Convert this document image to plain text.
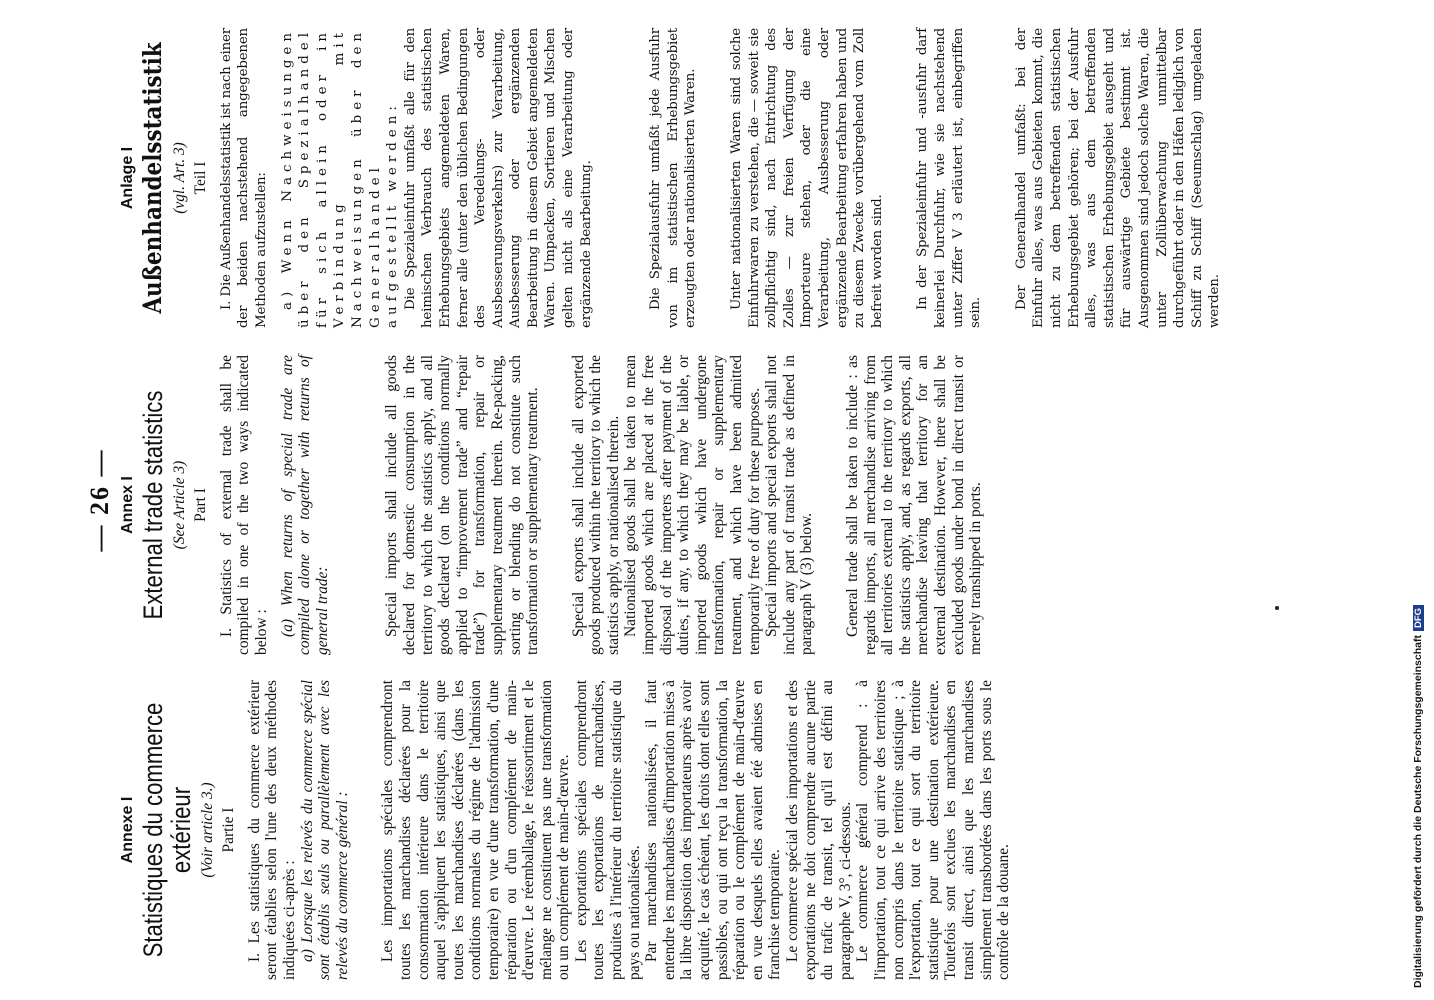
— 26 —
Annexe I Statistiques du commerce extérieur (Voir article 3.) Partie I I. Les statistiques du commerce extérieur seront établies selon l'une des deux méthodes indiquées ci-après : a) Lorsque les relevés du commerce spécial sont établis seuls ou parallèlement avec les relevés du commerce général : Les importations spéciales comprendront toutes les marchandises déclarées pour la consommation intérieure dans le territoire auquel s'appliquent les statistiques, ainsi que toutes les marchandises déclarées (dans les conditions normales du régime de l'admission temporaire) en vue d'une transformation, d'une réparation ou d'un complément de main-d'œuvre. Le réemballage, le réassortiment et le mélange ne constituent pas une transformation ou un complément de main-d'œuvre. Les exportations spéciales comprendront toutes les exportations de marchandises, produites à l'intérieur du territoire statistique du pays ou nationalisées. Par marchandises nationalisées, il faut entendre les marchandises d'importation mises à la libre disposition des importateurs après avoir acquitté, le cas échéant, les droits dont elles sont passibles, ou qui ont reçu la transformation, la réparation ou le complément de main-d'œuvre en vue desquels elles avaient été admises en franchise temporaire. Le commerce spécial des importations et des exportations ne doit comprendre aucune partie du trafic de transit, tel qu'il est défini au paragraphe V, 3°, ci-dessous. Le commerce général comprend : à l'importation, tout ce qui arrive des territoires non compris dans le territoire statistique ; à l'exportation, tout ce qui sort du territoire statistique pour une destination extérieure. Toutefois sont exclues les marchandises en transit direct, ainsi que les marchandises simplement transbordées dans les ports sous le contrôle de la douane.

Annex I External trade statistics (See Article 3) Part I I. Statistics of external trade shall be compiled in one of the two ways indicated below : (a) When returns of special trade are compiled alone or together with returns of general trade:	Special imports shall include all goods declared for domestic consumption in the territory to which the statistics apply, and all goods declared (on the conditions normally applied to “improvement trade” and “repair trade”) for transformation, repair or supplementary treatment therein. Re-packing, sorting or blending do not constitute such transformation or supplementary treatment. Special exports shall include all exported goods produced within the territory to which the statistics apply, or nationalised therein. Nationalised goods shall be taken to mean imported goods which are placed at the free disposal of the importers after payment of the duties, if any, to which they may be liable, or imported goods which have undergone transformation, repair or supplementary treatment, and which have been admitted temporarily free of duty for these purposes. Special imports and special exports shall not include any part of transit trade as defined in paragraph V (3) below. General trade shall be taken to include : as regards imports, all merchandise arriving from all territories external to the territory to which the statistics apply, and, as regards exports, all merchandise leaving that territory for an external destination. However, there shall be excluded goods under bond in direct transit or merely transhipped in ports.

Anlage I Außenhandelsstatistik (vgl. Art. 3) Teil I I. Die Außenhandelsstatistik ist nach einer der beiden nachstehend angegebenen Methoden aufzustellen: a) Wenn Nachweisungen über den Spezialhandel für sich allein oder in Verbindung mit Nachweisungen über den Generalhandel aufgestellt werden: Die Spezialeinfuhr umfaßt alle für den heimischen Verbrauch des statistischen Erhebungsgebiets angemeldeten Waren, ferner alle (unter den üblichen Bedingungen des Veredelungs- oder Ausbesserungsverkehrs) zur Verarbeitung, Ausbesserung oder ergänzenden Bearbeitung in diesem Gebiet angemeldeten Waren. Umpacken, Sortieren und Mischen gelten nicht als eine Verarbeitung oder ergänzende Bearbeitung.	Die Spezialausfuhr umfaßt jede Ausfuhr von im statistischen Erhebungsgebiet erzeugten oder nationalisierten Waren. Unter nationalisierten Waren sind solche Einfuhrwaren zu verstehen, die — soweit sie zollpflichtig sind, nach Entrichtung des Zolles — zur freien Verfügung der Importeure stehen, oder die eine Verarbeitung, Ausbesserung oder ergänzende Bearbeitung erfahren haben und zu diesem Zwecke vorübergehend vom Zoll befreit worden sind. In der Spezialeinfuhr und -ausfuhr darf keinerlei Durchfuhr, wie sie nachstehend unter Ziffer V 3 erläutert ist, einbegriffen sein.

Der Generalhandel umfaßt: bei der Einfuhr alles, was aus Gebieten kommt, die nicht zu dem betreffenden statistischen Erhebungsgebiet gehören; bei der Ausfuhr alles, was aus dem betreffenden statistischen Erhebungsgebiet ausgeht und für auswärtige Gebiete bestimmt ist. Ausgenommen sind jedoch solche Waren, die unter Zollüberwachung unmittelbar durchgeführt oder in den Häfen lediglich von Schiff zu Schiff (Seeumschlag) umgeladen werden.

Digitalisierung gefördert durch die Deutsche ForschungsgemeinschaftDFG
